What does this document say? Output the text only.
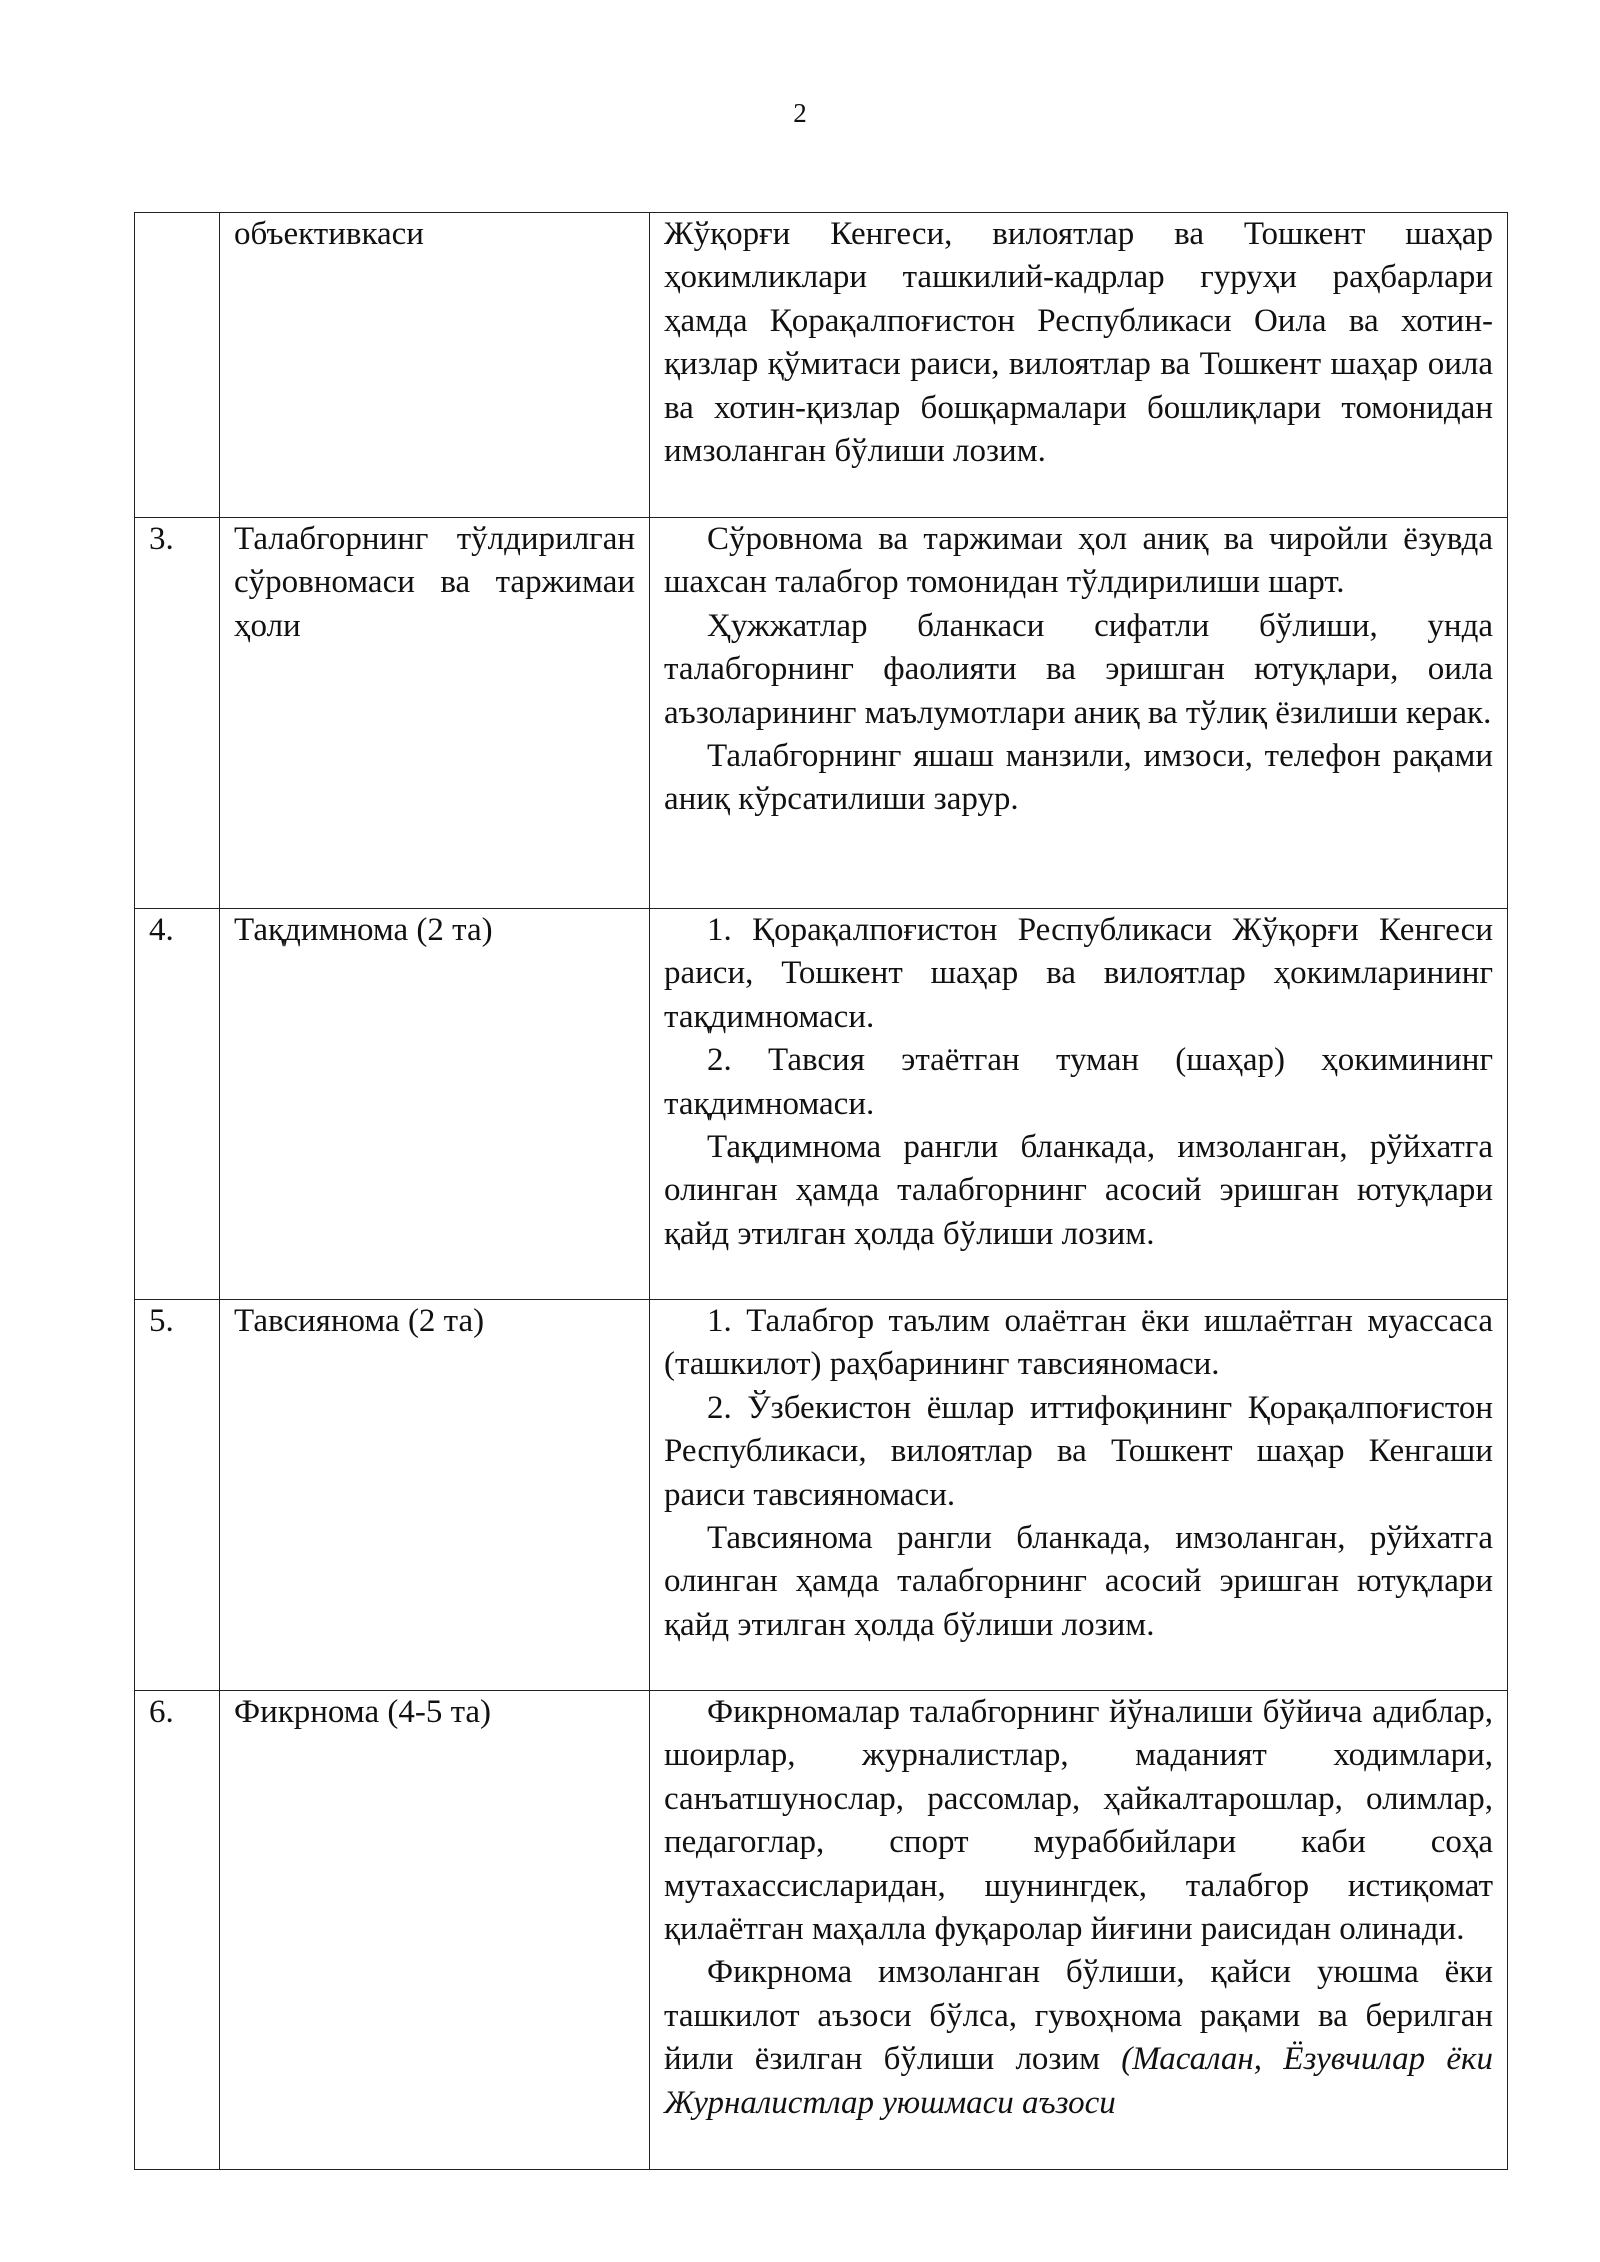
2
	объективкаси	Жўқорғи Кенгеси, вилоятлар ва Тошкент шаҳар ҳокимликлари ташкилий-кадрлар гуруҳи раҳбарлари ҳамда Қорақалпоғистон Республикаси Оила ва хотин-қизлар қўмитаси раиси, вилоятлар ва Тошкент шаҳар оила ва хотин-қизлар бошқармалари бошлиқлари томонидан имзоланган бўлиши лозим.

3.	Талабгорнинг тўлдирилган сўровномаси ва таржимаи ҳоли	Сўровнома ва таржимаи ҳол аниқ ва чиройли ёзувда шахсан талабгор томонидан тўлдирилиши шарт.

Ҳужжатлар бланкаси сифатли бўлиши, унда талабгорнинг фаолияти ва эришган ютуқлари, оила аъзоларининг маълумотлари аниқ ва тўлиқ ёзилиши керак.

Талабгорнинг яшаш манзили, имзоси, телефон рақами аниқ кўрсатилиши зарур.

4.	Тақдимнома (2 та)	1. Қорақалпоғистон Республикаси Жўқорғи Кенгеси раиси, Тошкент шаҳар ва вилоятлар ҳокимларининг тақдимномаси.

2. Тавсия этаётган туман (шаҳар) ҳокимининг тақдимномаси.

Тақдимнома рангли бланкада, имзоланган, рўйхатга олинган ҳамда талабгорнинг асосий эришган ютуқлари қайд этилган ҳолда бўлиши лозим.

5.	Тавсиянома (2 та)	1. Талабгор таълим олаётган ёки ишлаётган муассаса (ташкилот) раҳбарининг тавсияномаси.

2. Ўзбекистон ёшлар иттифоқининг Қорақалпоғистон Республикаси, вилоятлар ва Тошкент шаҳар Кенгаши раиси тавсияномаси.

Тавсиянома рангли бланкада, имзоланган, рўйхатга олинган ҳамда талабгорнинг асосий эришган ютуқлари қайд этилган ҳолда бўлиши лозим.

6.	Фикрнома (4-5 та)	Фикрномалар талабгорнинг йўналиши бўйича адиблар, шоирлар, журналистлар, маданият ходимлари, санъатшунослар, рассомлар, ҳайкалтарошлар, олимлар, педагоглар, спорт мураббийлари каби соҳа мутахассисларидан, шунингдек, талабгор истиқомат қилаётган маҳалла фуқаролар йиғини раисидан олинади.

Фикрнома имзоланган бўлиши, қайси уюшма ёки ташкилот аъзоси бўлса, гувоҳнома рақами ва берилган йили ёзилган бўлиши лозим (Масалан, Ёзувчилар ёки Журналистлар уюшмаси аъзоси
